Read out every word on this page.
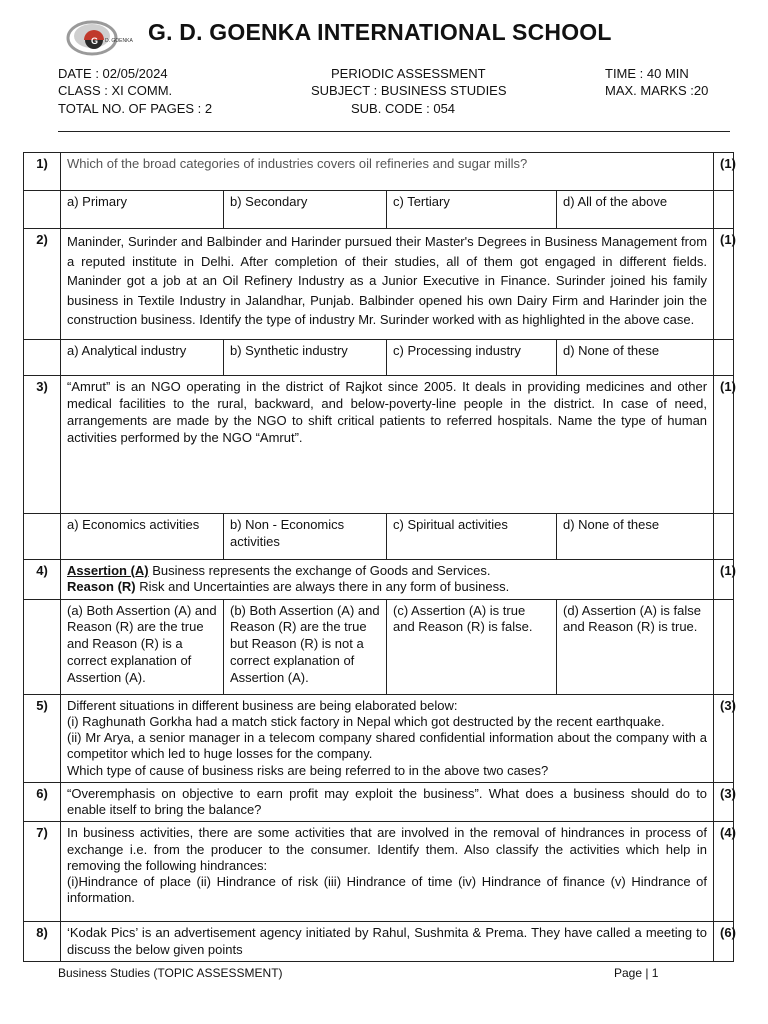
G D. GOENKA G. D. GOENKA INTERNATIONAL SCHOOL
DATE : 02/05/2024
CLASS : XI COMM.
TOTAL NO. OF PAGES : 2
PERIODIC ASSESSMENT
SUBJECT : BUSINESS STUDIES
SUB. CODE : 054
TIME : 40 MIN
MAX. MARKS :20
1)	Which of the broad categories of industries covers oil refineries and sugar mills?				(1)
	a) Primary	b) Secondary	c) Tertiary	d) All of the above	
2)	Maninder, Surinder and Balbinder and Harinder pursued their Master's Degrees in Business Management from a reputed institute in Delhi. After completion of their studies, all of them got engaged in different fields. Maninder got a job at an Oil Refinery Industry as a Junior Executive in Finance. Surinder joined his family business in Textile Industry in Jalandhar, Punjab. Balbinder opened his own Dairy Firm and Harinder join the construction business. Identify the type of industry Mr. Surinder worked with as highlighted in the above case.				(1)
	a) Analytical industry	b) Synthetic industry	c) Processing industry	d) None of these	
3)	“Amrut” is an NGO operating in the district of Rajkot since 2005. It deals in providing medicines and other medical facilities to the rural, backward, and below-poverty-line people in the district. In case of need, arrangements are made by the NGO to shift critical patients to referred hospitals. Name the type of human activities performed by the NGO “Amrut”.				(1)
	a) Economics activities	b) Non - Economics activities	c) Spiritual activities	d) None of these	
4)	Assertion (A) Business represents the exchange of Goods and Services.
Reason (R) Risk and Uncertainties are always there in any form of business.				(1)
	(a) Both Assertion (A) and Reason (R) are the true and Reason (R) is a correct explanation of Assertion (A).	(b) Both Assertion (A) and Reason (R) are the true but Reason (R) is not a correct explanation of Assertion (A).	(c) Assertion (A) is true and Reason (R) is false.	(d) Assertion (A) is false and Reason (R) is true.	
5)	Different situations in different business are being elaborated below:
(i) Raghunath Gorkha had a match stick factory in Nepal which got destructed by the recent earthquake.
(ii) Mr Arya, a senior manager in a telecom company shared confidential information about the company with a competitor which led to huge losses for the company.
Which type of cause of business risks are being referred to in the above two cases?				(3)
6)	“Overemphasis on objective to earn profit may exploit the business”. What does a business should do to enable itself to bring the balance?				(3)
7)	In business activities, there are some activities that are involved in the removal of hindrances in process of exchange i.e. from the producer to the consumer. Identify them. Also classify the activities which help in removing the following hindrances:
(i)Hindrance of place (ii) Hindrance of risk (iii) Hindrance of time (iv) Hindrance of finance (v) Hindrance of information.				(4)
8)	‘Kodak Pics’ is an advertisement agency initiated by Rahul, Sushmita & Prema. They have called a meeting to discuss the below given points				(6)
Business Studies (TOPIC ASSESSMENT)	Page | 1
